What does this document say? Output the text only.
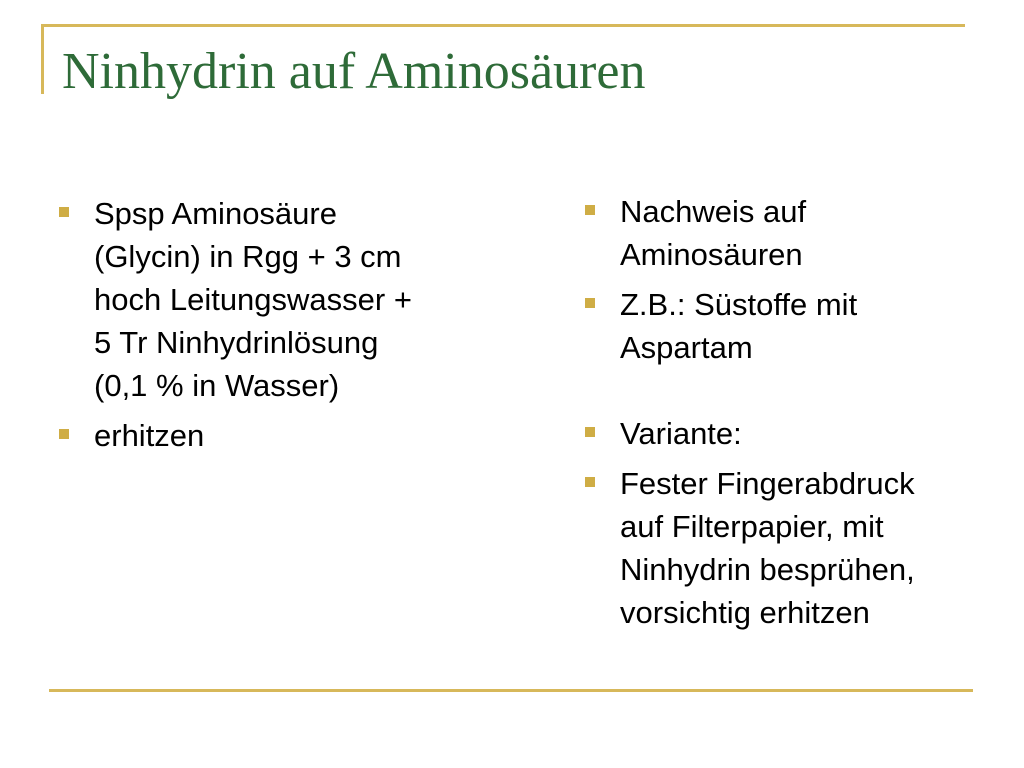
Ninhydrin auf Aminosäuren
Spsp Aminosäure
(Glycin) in Rgg + 3 cm
hoch Leitungswasser +
5 Tr Ninhydrinlösung
(0,1 % in Wasser)
erhitzen
Nachweis auf
Aminosäuren
Z.B.: Süstoffe mit
Aspartam
Variante:
Fester Fingerabdruck
auf Filterpapier, mit
Ninhydrin besprühen,
vorsichtig erhitzen
